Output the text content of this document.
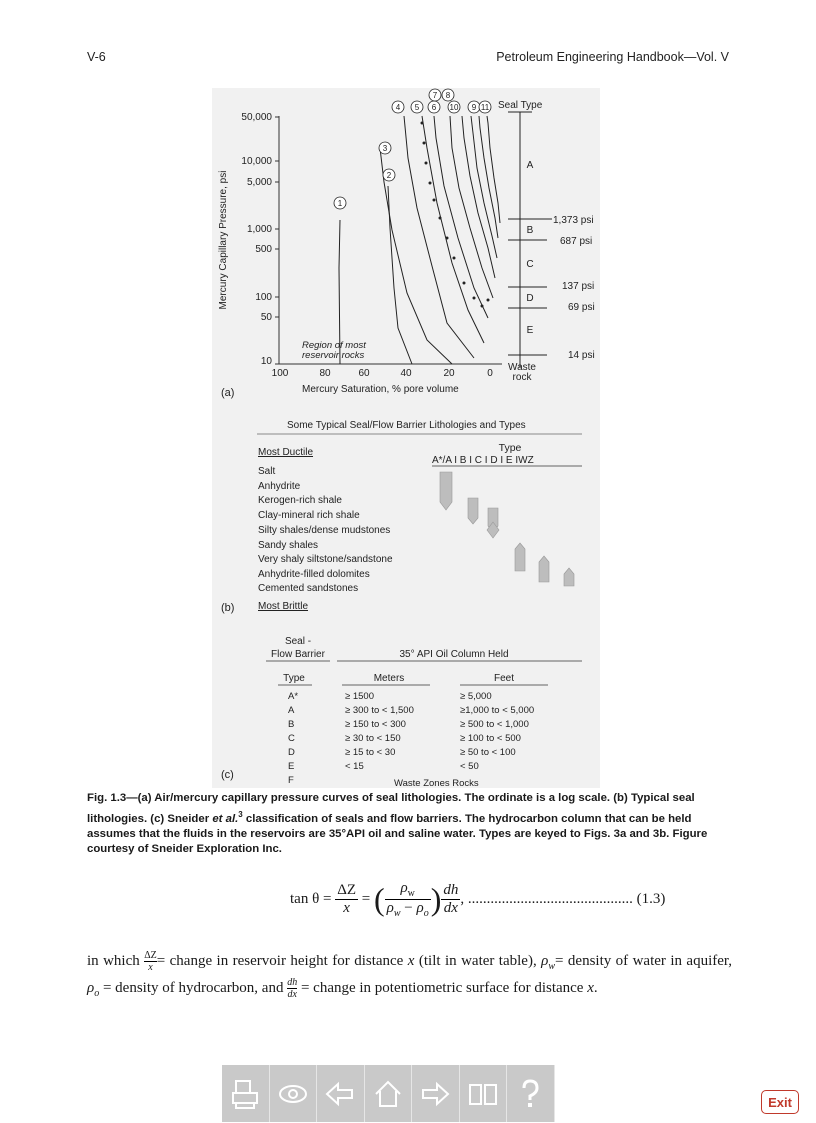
V-6	Petroleum Engineering Handbook—Vol. V
50,000
10,000
5,000
1,000
500
100
50
10
100	80	60	40	20	0
Mercury Capillary Pressure, psi
Mercury Saturation, % pore volume
(a)
1
2
3
4 5 6
7 8
9
10	11
Region of most
reservoir rocks
Seal Type
A
B
C
D
E
1,373 psi
687 psi
137 psi
69 psi
14 psi
Waste
rock
Some Typical Seal/Flow Barrier Lithologies and Types
Type
A*/A I B I C I D I E IWZ
Most Ductile
Salt
Anhydrite
Kerogen-rich shale
Clay-mineral rich shale
Silty shales/dense mudstones
Sandy shales
Very shaly siltstone/sandstone
Anhydrite-filled dolomites
Cemented sandstones
Most Brittle
(b)
Seal -
Flow Barrier	35° API Oil Column Held
Type	Meters	Feet
A*	≥ 1500	≥ 5,000
A	≥ 300 to < 1,500	≥1,000 to < 5,000
B	≥ 150 to < 300	≥ 500 to < 1,000
C	≥ 30 to < 150	≥ 100 to < 500
D	≥ 15 to < 30	≥ 50 to < 100
E	< 15	< 50
F	Waste Zones Rocks
(c)
Fig. 1.3—(a) Air/mercury capillary pressure curves of seal lithologies. The ordinate is a log scale. (b) Typical seal lithologies. (c) Sneider et al.$^3$ classification of seals and flow barriers. The hydrocarbon column that can be held assumes that the fluids in the reservoirs are 35°API oil and saline water. Types are keyed to Figs. 3a and 3b. Figure courtesy of Sneider Exploration Inc.
$\tan \theta = \frac{\Delta Z}{x}$ = ( $\frac{\rho_w}{\rho_w - \rho_o}$ ) $\frac{dh}{dx}$ , ............................................ (1.3)
in which $\frac{\Delta Z}{x}=$ change in reservoir height for distance x (tilt in water table), $\rho_w=$ density of water in aquifer, $\rho_o$ = density of hydrocarbon, and $\frac{dh}{dx}$ = change in potentiometric surface for distance x.
Exit
